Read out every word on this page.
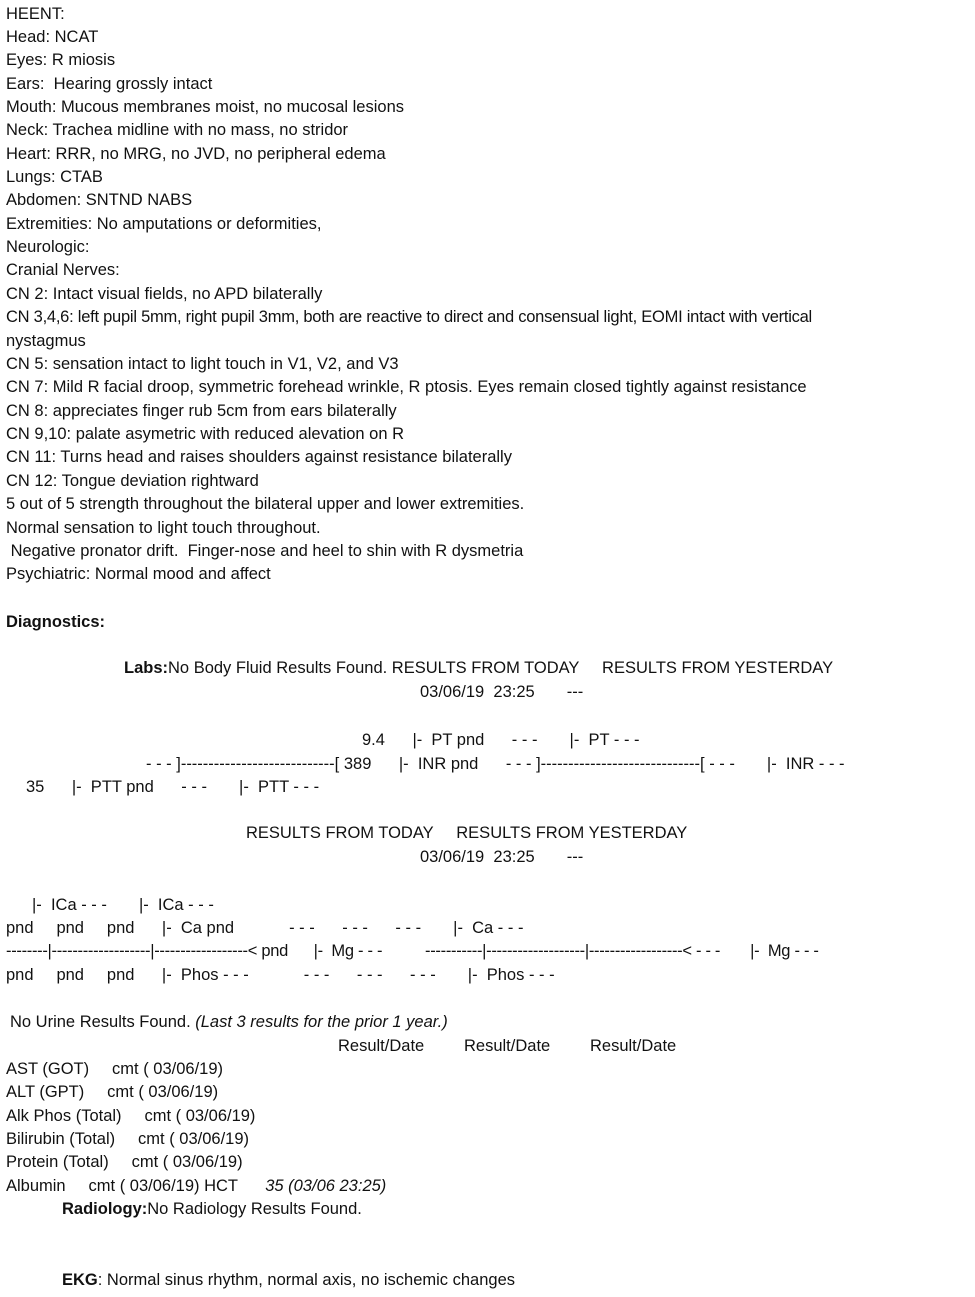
HEENT:
Head: NCAT
Eyes: R miosis
Ears:  Hearing grossly intact
Mouth: Mucous membranes moist, no mucosal lesions
Neck: Trachea midline with no mass, no stridor
Heart: RRR, no MRG, no JVD, no peripheral edema
Lungs: CTAB
Abdomen: SNTND NABS
Extremities: No amputations or deformities,
Neurologic:
Cranial Nerves:
CN 2: Intact visual fields, no APD bilaterally
CN 3,4,6: left pupil 5mm, right pupil 3mm, both are reactive to direct and consensual light, EOMI intact with vertical
nystagmus
CN 5: sensation intact to light touch in V1, V2, and V3
CN 7: Mild R facial droop, symmetric forehead wrinkle, R ptosis. Eyes remain closed tightly against resistance
CN 8: appreciates finger rub 5cm from ears bilaterally
CN 9,10: palate asymetric with reduced alevation on R
CN 11: Turns head and raises shoulders against resistance bilaterally
CN 12: Tongue deviation rightward
5 out of 5 strength throughout the bilateral upper and lower extremities.
Normal sensation to light touch throughout.
Negative pronator drift.  Finger-nose and heel to shin with R dysmetria
Psychiatric: Normal mood and affect
Diagnostics:
Labs:No Body Fluid Results Found. RESULTS FROM TODAY     RESULTS FROM YESTERDAY
03/06/19  23:25       ---
9.4      |-  PT pnd      - - -       |-  PT - - -
- - - ]----------------------------[ 389      |-  INR pnd      - - - ]-----------------------------[ - - -       |-  INR - - -
35      |-  PTT pnd      - - -       |-  PTT - - -
RESULTS FROM TODAY     RESULTS FROM YESTERDAY
03/06/19  23:25       ---
|-  ICa - - -       |-  ICa - - -
pnd     pnd     pnd      |-  Ca pnd            - - -      - - -      - - -       |-  Ca - - -
--------|-------------------|------------------< pnd      |-  Mg - - -          -----------|-------------------|------------------< - - -       |-  Mg - - -
pnd     pnd     pnd      |-  Phos - - -            - - -      - - -      - - -       |-  Phos - - -
No Urine Results Found. (Last 3 results for the prior 1 year.)
Result/Date Result/Date Result/Date
AST (GOT)     cmt ( 03/06/19)
ALT (GPT)     cmt ( 03/06/19)
Alk Phos (Total)     cmt ( 03/06/19)
Bilirubin (Total)     cmt ( 03/06/19)
Protein (Total)     cmt ( 03/06/19)
Albumin     cmt ( 03/06/19) HCT      35 (03/06 23:25)
Radiology:No Radiology Results Found.
EKG: Normal sinus rhythm, normal axis, no ischemic changes
